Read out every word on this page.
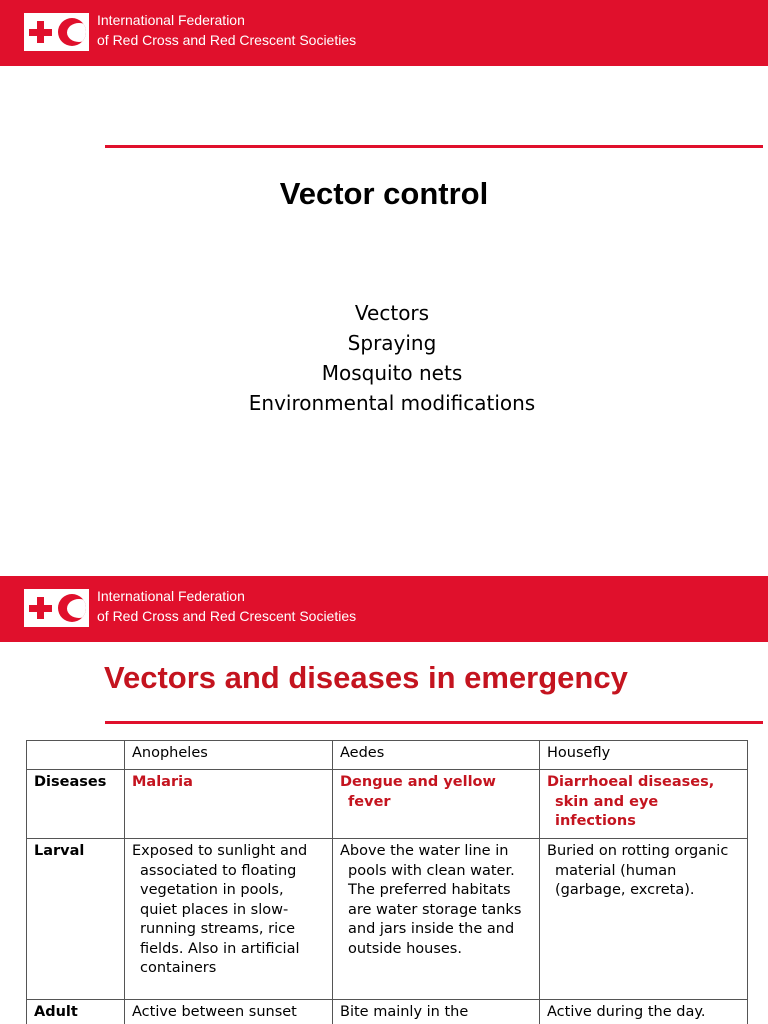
International Federation
of Red Cross and Red Crescent Societies
Vector control
Vectors
Spraying
Mosquito nets
Environmental modifications
International Federation
of Red Cross and Red Crescent Societies
Vectors and diseases in emergency
	Anopheles	Aedes	Housefly
Diseases	Malaria	Dengue and yellow fever	Diarrhoeal diseases, skin and eye infections

Larval	Exposed to sunlight and associated to floating vegetation in pools, quiet places in slow-running streams, rice fields. Also in artificial containers	Above the water line in pools with clean water. The preferred habitats are water storage tanks and jars inside the and outside houses.	Buried on rotting organic material (human (garbage, excreta).

Adult	Active between sunset	Bite mainly in the	Active during the day.
